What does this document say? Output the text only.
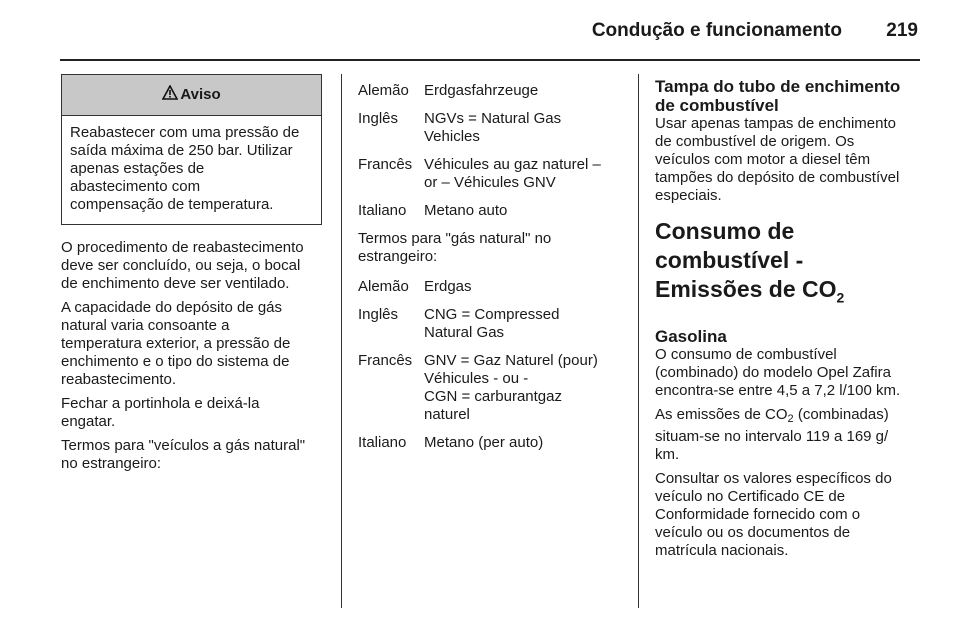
Condução e funcionamento 219
Aviso
Reabastecer com uma pressão de
saída máxima de 250 bar. Utilizar
apenas estações de
abastecimento com
compensação de temperatura.

O procedimento de reabastecimento
deve ser concluído, ou seja, o bocal
de enchimento deve ser ventilado.

A capacidade do depósito de gás
natural varia consoante a
temperatura exterior, a pressão de
enchimento e o tipo do sistema de
reabastecimento.

Fechar a portinhola e deixá-la
engatar.

Termos para "veículos a gás natural"
no estrangeiro:

Alemão	Erdgasfahrzeuge
Inglês	NGVs = Natural Gas
Vehicles
Francês Véhicules au gaz naturel –
or – Véhicules GNV
Italiano	Metano auto

Termos para "gás natural" no
estrangeiro:

Alemão	Erdgas
Inglês	CNG = Compressed
Natural Gas
Francês GNV = Gaz Naturel (pour)
Véhicules - ou -
CGN = carburantgaz
naturel
Italiano	Metano (per auto)
Tampa do tubo de enchimento
de combustível

Usar apenas tampas de enchimento
de combustível de origem. Os
veículos com motor a diesel têm
tampões do depósito de combustível
especiais.

Consumo de combustível -
Emissões de $CO_2$
Gasolina

O consumo de combustível
(combinado) do modelo Opel Zafira
encontra-se entre 4,5 a 7,2 l/100 km.

As emissões de $CO_2$ (combinadas)
situam-se no intervalo 119 a 169 g/
km.

Consultar os valores específicos do
veículo no Certificado CE de
Conformidade fornecido com o
veículo ou os documentos de
matrícula nacionais.
